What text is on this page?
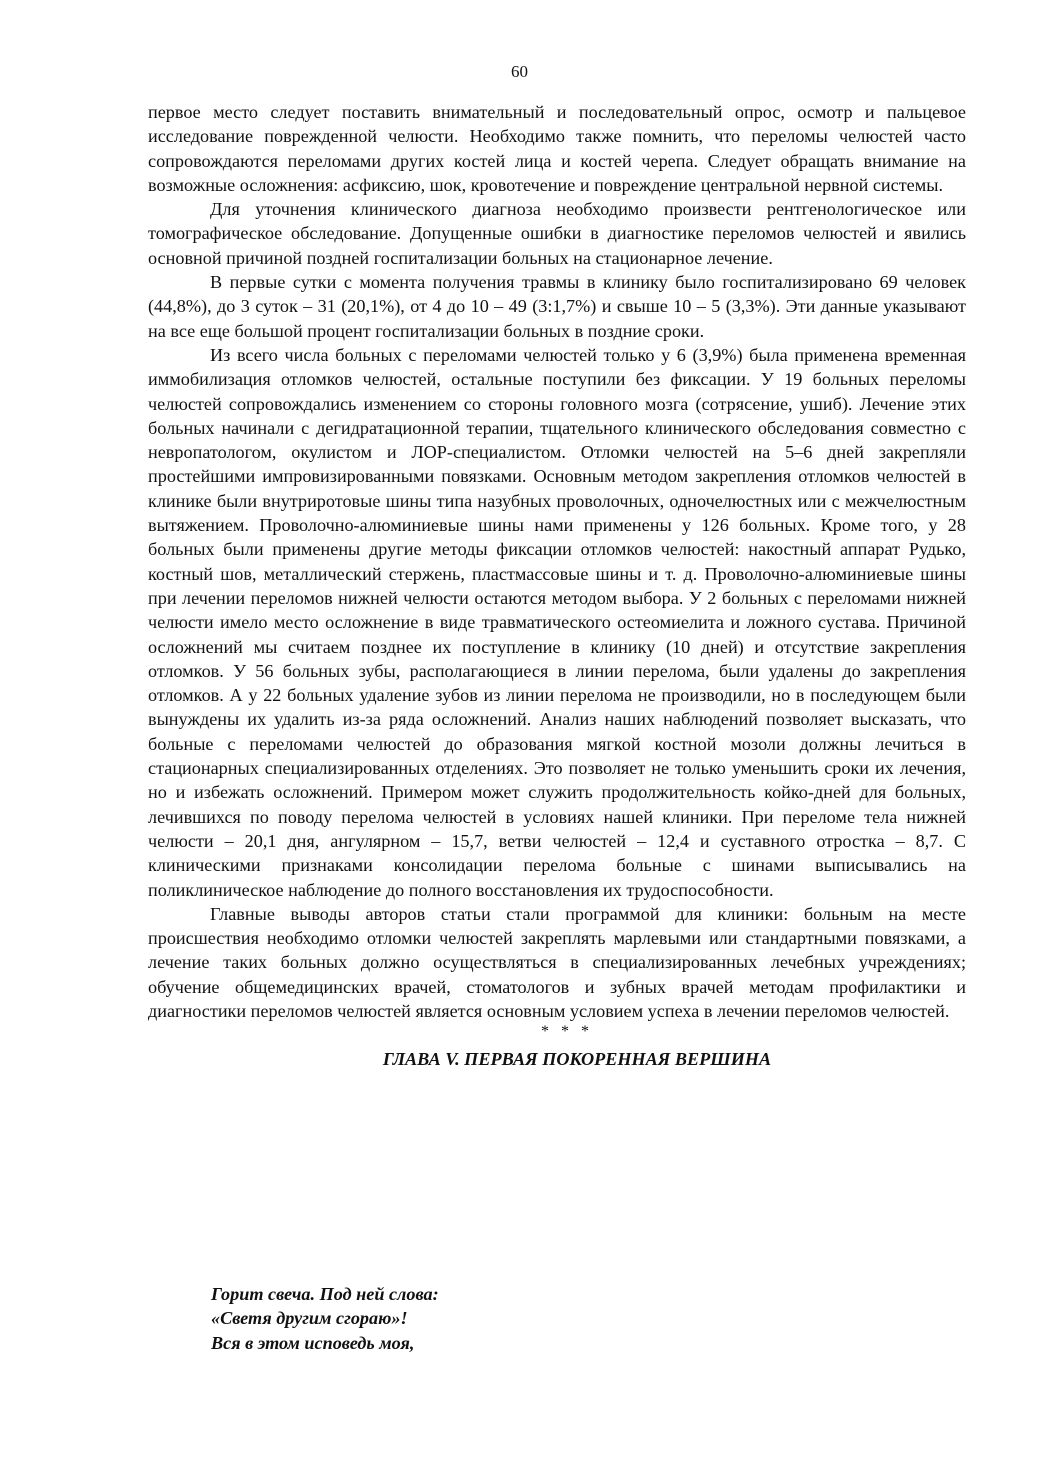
60

первое место следует поставить внимательный и последовательный опрос, осмотр и пальцевое исследование поврежденной челюсти. Необходимо также помнить, что переломы челюстей часто сопровождаются переломами других костей лица и костей черепа. Следует обращать внимание на возможные осложнения: асфиксию, шок, кровотечение и повреждение центральной нервной системы.

Для уточнения клинического диагноза необходимо произвести рентгенологическое или томографическое обследование. Допущенные ошибки в диагностике переломов челюстей и явились основной причиной поздней госпитализации больных на стационарное лечение.

В первые сутки с момента получения травмы в клинику было госпитализировано 69 человек (44,8%), до 3 суток – 31 (20,1%), от 4 до 10 – 49 (3:1,7%) и свыше 10 – 5 (3,3%). Эти данные указывают на все еще большой процент госпитализации больных в поздние сроки.

Из всего числа больных с переломами челюстей только у 6 (3,9%) была применена временная иммобилизация отломков челюстей, остальные поступили без фиксации. У 19 больных переломы челюстей сопровождались изменением со стороны головного мозга (сотрясение, ушиб). Лечение этих больных начинали с дегидратационной терапии, тщательного клинического обследования совместно с невропатологом, окулистом и ЛОР-специалистом. Отломки челюстей на 5–6 дней закрепляли простейшими импровизированными повязками. Основным методом закрепления отломков челюстей в клинике были внутриротовые шины типа назубных проволочных, одночелюстных или с межчелюстным вытяжением. Проволочно-алюминиевые шины нами применены у 126 больных. Кроме того, у 28 больных были применены другие методы фиксации отломков челюстей: накостный аппарат Рудько, костный шов, металлический стержень, пластмассовые шины и т. д. Проволочно-алюминиевые шины при лечении переломов нижней челюсти остаются методом выбора. У 2 больных с переломами нижней челюсти имело место осложнение в виде травматического остеомиелита и ложного сустава. Причиной осложнений мы считаем позднее их поступление в клинику (10 дней) и отсутствие закрепления отломков. У 56 больных зубы, располагающиеся в линии перелома, были удалены до закрепления отломков. А у 22 больных удаление зубов из линии перелома не производили, но в последующем были вынуждены их удалить из-за ряда осложнений. Анализ наших наблюдений позволяет высказать, что больные с переломами челюстей до образования мягкой костной мозоли должны лечиться в стационарных специализированных отделениях. Это позволяет не только уменьшить сроки их лечения, но и избежать осложнений. Примером может служить продолжительность койко-дней для больных, лечившихся по поводу перелома челюстей в условиях нашей клиники. При переломе тела нижней челюсти – 20,1 дня, ангулярном – 15,7, ветви челюстей – 12,4 и суставного отростка – 8,7. С клиническими признаками консолидации перелома больные с шинами выписывались на поликлиническое наблюдение до полного восстановления их трудоспособности.

Главные выводы авторов статьи стали программой для клиники: больным на месте происшествия необходимо отломки челюстей закреплять марлевыми или стандартными повязками, а лечение таких больных должно осуществляться в специализированных лечебных учреждениях; обучение общемедицинских врачей, стоматологов и зубных врачей методам профилактики и диагностики переломов челюстей является основным условием успеха в лечении переломов челюстей.

* * *

ГЛАВА V. ПЕРВАЯ ПОКОРЕННАЯ ВЕРШИНА

Горит свеча. Под ней слова:

«Светя другим сгораю»!

Вся в этом исповедь моя,
